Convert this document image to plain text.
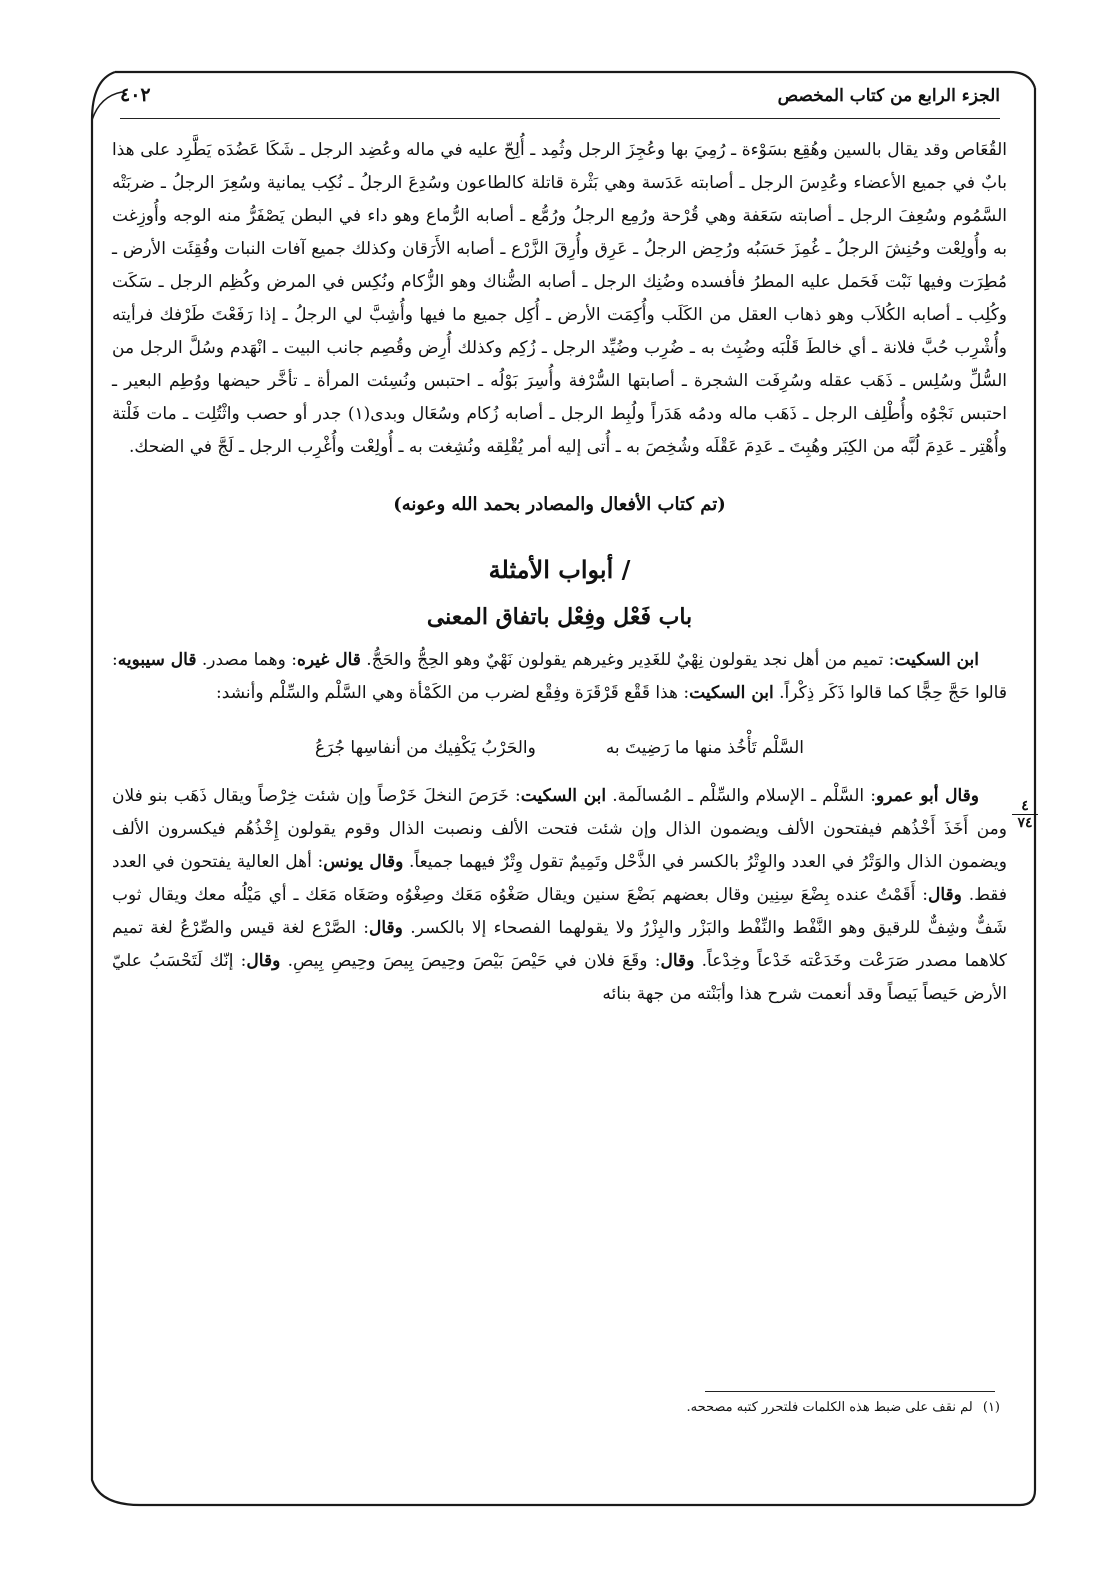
الجزء الرابع من كتاب المخصص
٤٠٢
٤
٧٤

القُعَاص وقد يقال بالسين وهُقِع بسَوْءة ـ رُمِيَ بها وعُجِزَ الرجل وثُمِد ـ أُلِحّ عليه في ماله وعُضِد الرجل ـ شَكَا عَضُدَه يَطَّرِد على هذا بابٌ في جميع الأعضاء وعُدِسَ الرجل ـ أصابته عَدَسة وهي بَثْرة قاتلة كالطاعون وسُدِعَ الرجلُ ـ نُكِب يمانية وسُعِرَ الرجلُ ـ ضربَتْه السَّمُوم وسُعِفَ الرجل ـ أصابته سَعَفة وهي قُرْحة ورُمِع الرجلُ ورُمُّع ـ أصابه الرُّماع وهو داء في البطن يَصْفَرُّ منه الوجه وأُوزِغت به وأُولِعْت وحُنِشَ الرجلُ ـ غُمِزَ حَسَبُه ورُحِض الرجلُ ـ عَرِق وأُرِقَ الزَّرْع ـ أصابه الأَرَقان وكذلك جميع آفات النبات وفُقِئَت الأرض ـ مُطِرَت وفيها نَبْت فَحَمل عليه المطرُ فأفسده وضُنِك الرجل ـ أصابه الضُّناك وهو الزُّكام ونُكِس في المرض وكُظِم الرجل ـ سَكَت وكُلِب ـ أصابه الكُلاَب وهو ذهاب العقل من الكَلَب وأُكِمَت الأرض ـ أُكِل جميع ما فيها وأُشِبَّ لي الرجلُ ـ إذا رَفَعْتَ طَرْفك فرأيته وأُشْرِب حُبَّ فلانة ـ أي خالطَ قَلْبَه وضُبِث به ـ ضُرِب وضُيِّد الرجل ـ زُكِم وكذلك أُرِض وقُصِم جانب البيت ـ انْهَدم وسُلَّ الرجل من السُّلِّ وسُلِس ـ ذَهَب عقله وسُرِفَت الشجرة ـ أصابتها السُّرْفة وأُسِرَ بَوْلُه ـ احتبس ونُسِئت المرأة ـ تأخَّر حيضها ووُطِم البعير ـ احتبس نَجْوُه وأُطْلِف الرجل ـ ذَهَب ماله ودمُه هَدَراً ولُبِط الرجل ـ أصابه زُكام وسُعَال وبدى(١) جدر أو حصب واثْتُلِت ـ مات فَلْتة وأُهْتِر ـ عَدِمَ لُبَّه من الكِبَر وهُبِتَ ـ عَدِمَ عَقْلَه وشُخِصَ به ـ أُتى إليه أمر يُقْلِقه ونُشِغت به ـ أُولِعْت وأُغْرِب الرجل ـ لَجَّ في الضحك.

(تم كتاب الأفعال والمصادر بحمد الله وعونه)

/ أبواب الأمثلة
باب فَعْل وفِعْل باتفاق المعنى

ابن السكيت: تميم من أهل نجد يقولون نِهْيٌ للغَدِير وغيرهم يقولون نَهْيٌ وهو الحِجُّ والحَجُّ. قال غيره: وهما مصدر. قال سيبويه: قالوا حَجَّ حِجًّا كما قالوا ذَكَر ذِكْراً. ابن السكيت: هذا قَقْع قَرْقَرَة وفِقْع لضرب من الكَمْأة وهي السَّلْم والسِّلْم وأنشد:

السَّلْم تَأْخُذ منها ما رَضِيتَ به
والحَرْبُ يَكْفِيك من أنفاسِها جُرَعُ

وقال أبو عمرو: السَّلْم ـ الإسلام والسِّلْم ـ المُسالَمة. ابن السكيت: خَرَصَ النخلَ خَرْصاً وإن شئت خِرْصاً ويقال ذَهَب بنو فلان ومن أَخَذَ أَخْذُهم فيفتحون الألف ويضمون الذال وإن شئت فتحت الألف ونصبت الذال وقوم يقولون إِخْذُهُم فيكسرون الألف ويضمون الذال والوَتْرُ في العدد والوِتْرُ بالكسر في الذَّحْل وتَمِيمٌ تقول وِتْرٌ فيهما جميعاً. وقال يونس: أهل العالية يفتحون في العدد فقط. وقال: أَقَمْتُ عنده بِضْعَ سِنِين وقال بعضهم بَضْعَ سنين ويقال صَغْوُه مَعَك وصِغْوُه وصَغَاه مَعَك ـ أي مَيْلُه معك ويقال ثوب شَفٌّ وشِفٌّ للرقيق وهو النَّفْط والنِّفْط والبَزْر والبِزْرُ ولا يقولهما الفصحاء إلا بالكسر. وقال: الصَّرْع لغة قيس والصِّرْعُ لغة تميم كلاهما مصدر صَرَعْت وخَدَعْته خَدْعاً وخِدْعاً. وقال: وقَعَ فلان في حَيْصَ بَيْصَ وحِيصَ بِيصَ وحِيصِ بِيصِ. وقال: إنّك لَتَحْسَبُ عليّ الأرض حَيصاً بَيصاً وقد أنعمت شرح هذا وأبَنْته من جهة بنائه

(١) لم نقف على ضبط هذه الكلمات فلتحرر كتبه مصححه.
